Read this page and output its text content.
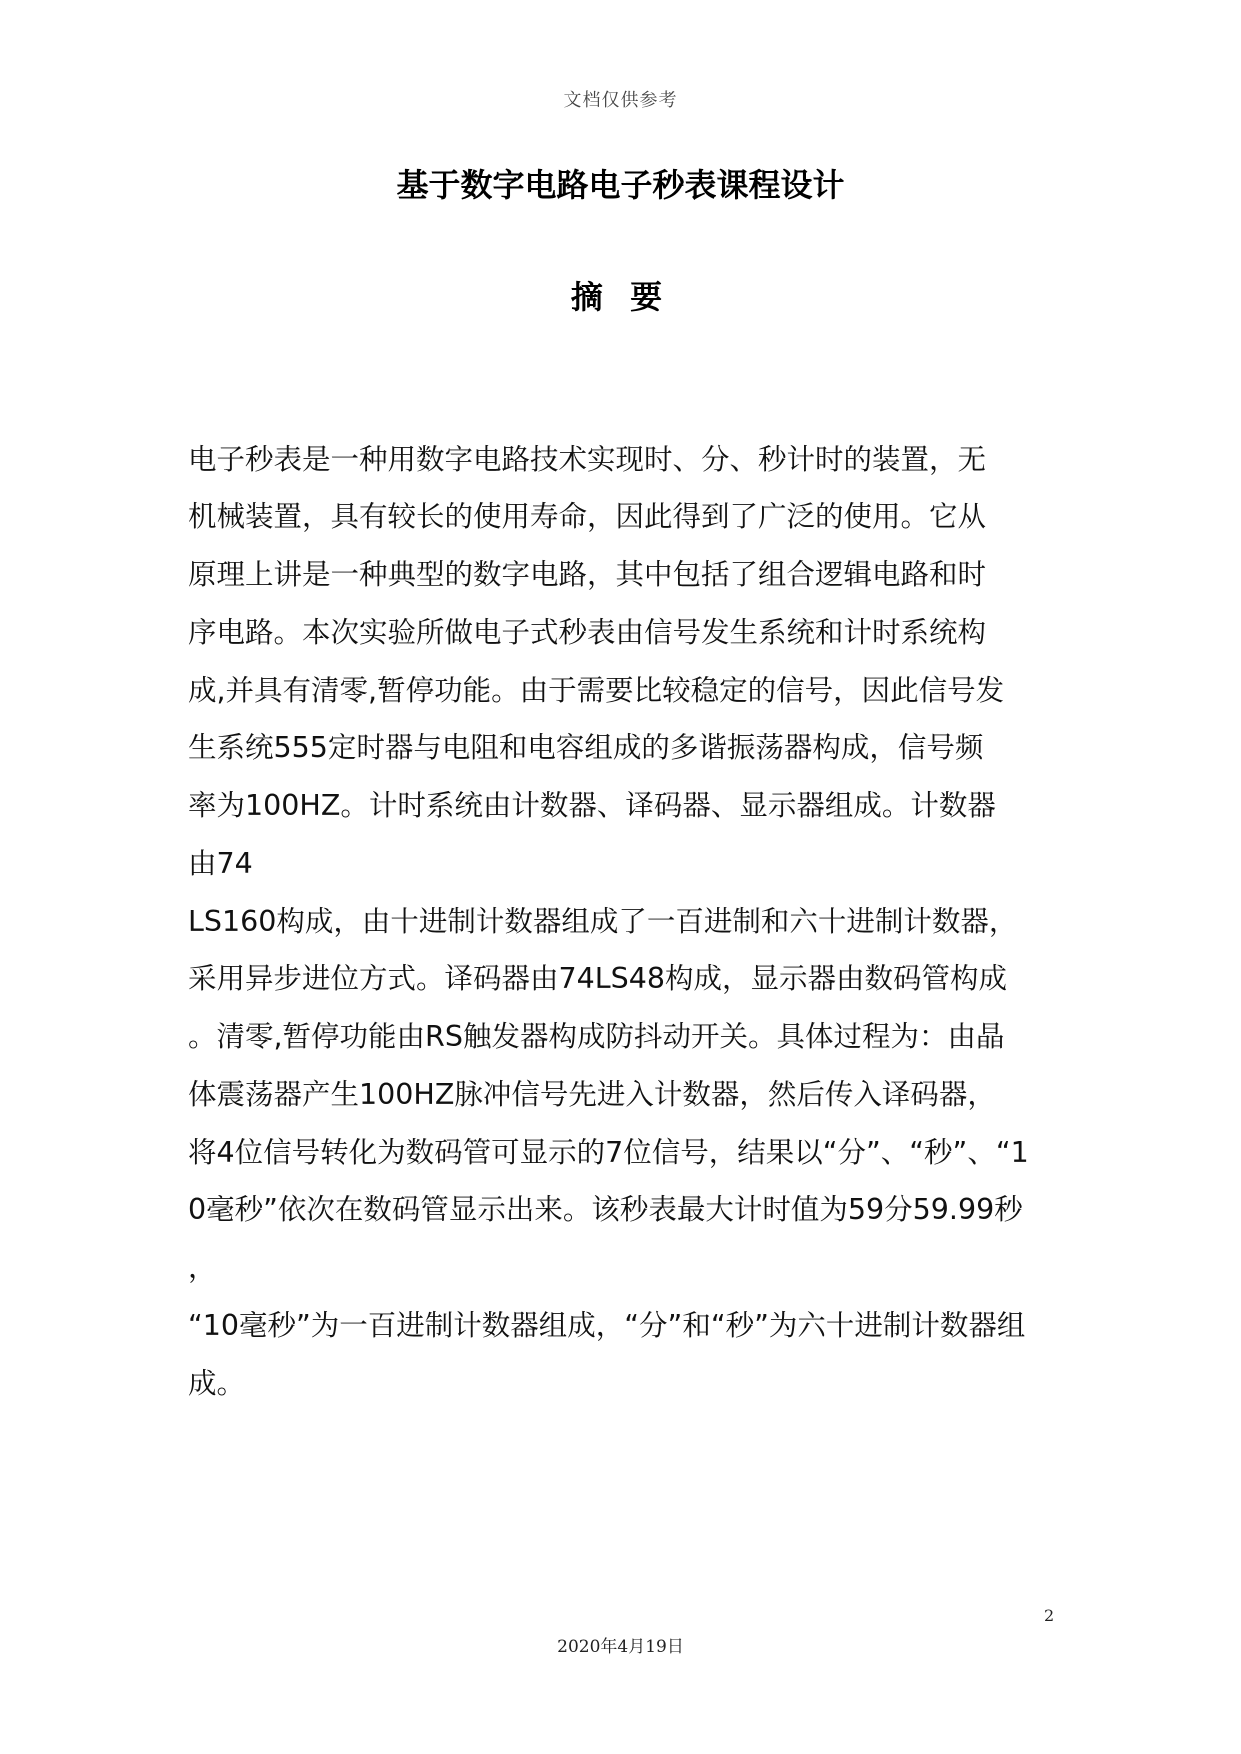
文档仅供参考
基于数字电路电子秒表课程设计
摘 要
电子秒表是一种用数字电路技术实现时、分、秒计时的装置，无
机械装置，具有较长的使用寿命，因此得到了广泛的使用。它从
原理上讲是一种典型的数字电路，其中包括了组合逻辑电路和时
序电路。本次实验所做电子式秒表由信号发生系统和计时系统构
成,并具有清零,暂停功能。由于需要比较稳定的信号，因此信号发
生系统555定时器与电阻和电容组成的多谐振荡器构成，信号频
率为100HZ。计时系统由计数器、译码器、显示器组成。计数器
由74
LS160构成，由十进制计数器组成了一百进制和六十进制计数器，
采用异步进位方式。译码器由74LS48构成，显示器由数码管构成
。清零,暂停功能由RS触发器构成防抖动开关。具体过程为：由晶
体震荡器产生100HZ脉冲信号先进入计数器，然后传入译码器，
将4位信号转化为数码管可显示的7位信号，结果以“分”、“秒”、“1
0毫秒”依次在数码管显示出来。该秒表最大计时值为59分59.99秒
，
“10毫秒”为一百进制计数器组成，“分”和“秒”为六十进制计数器组
成。
2
2020年4月19日
